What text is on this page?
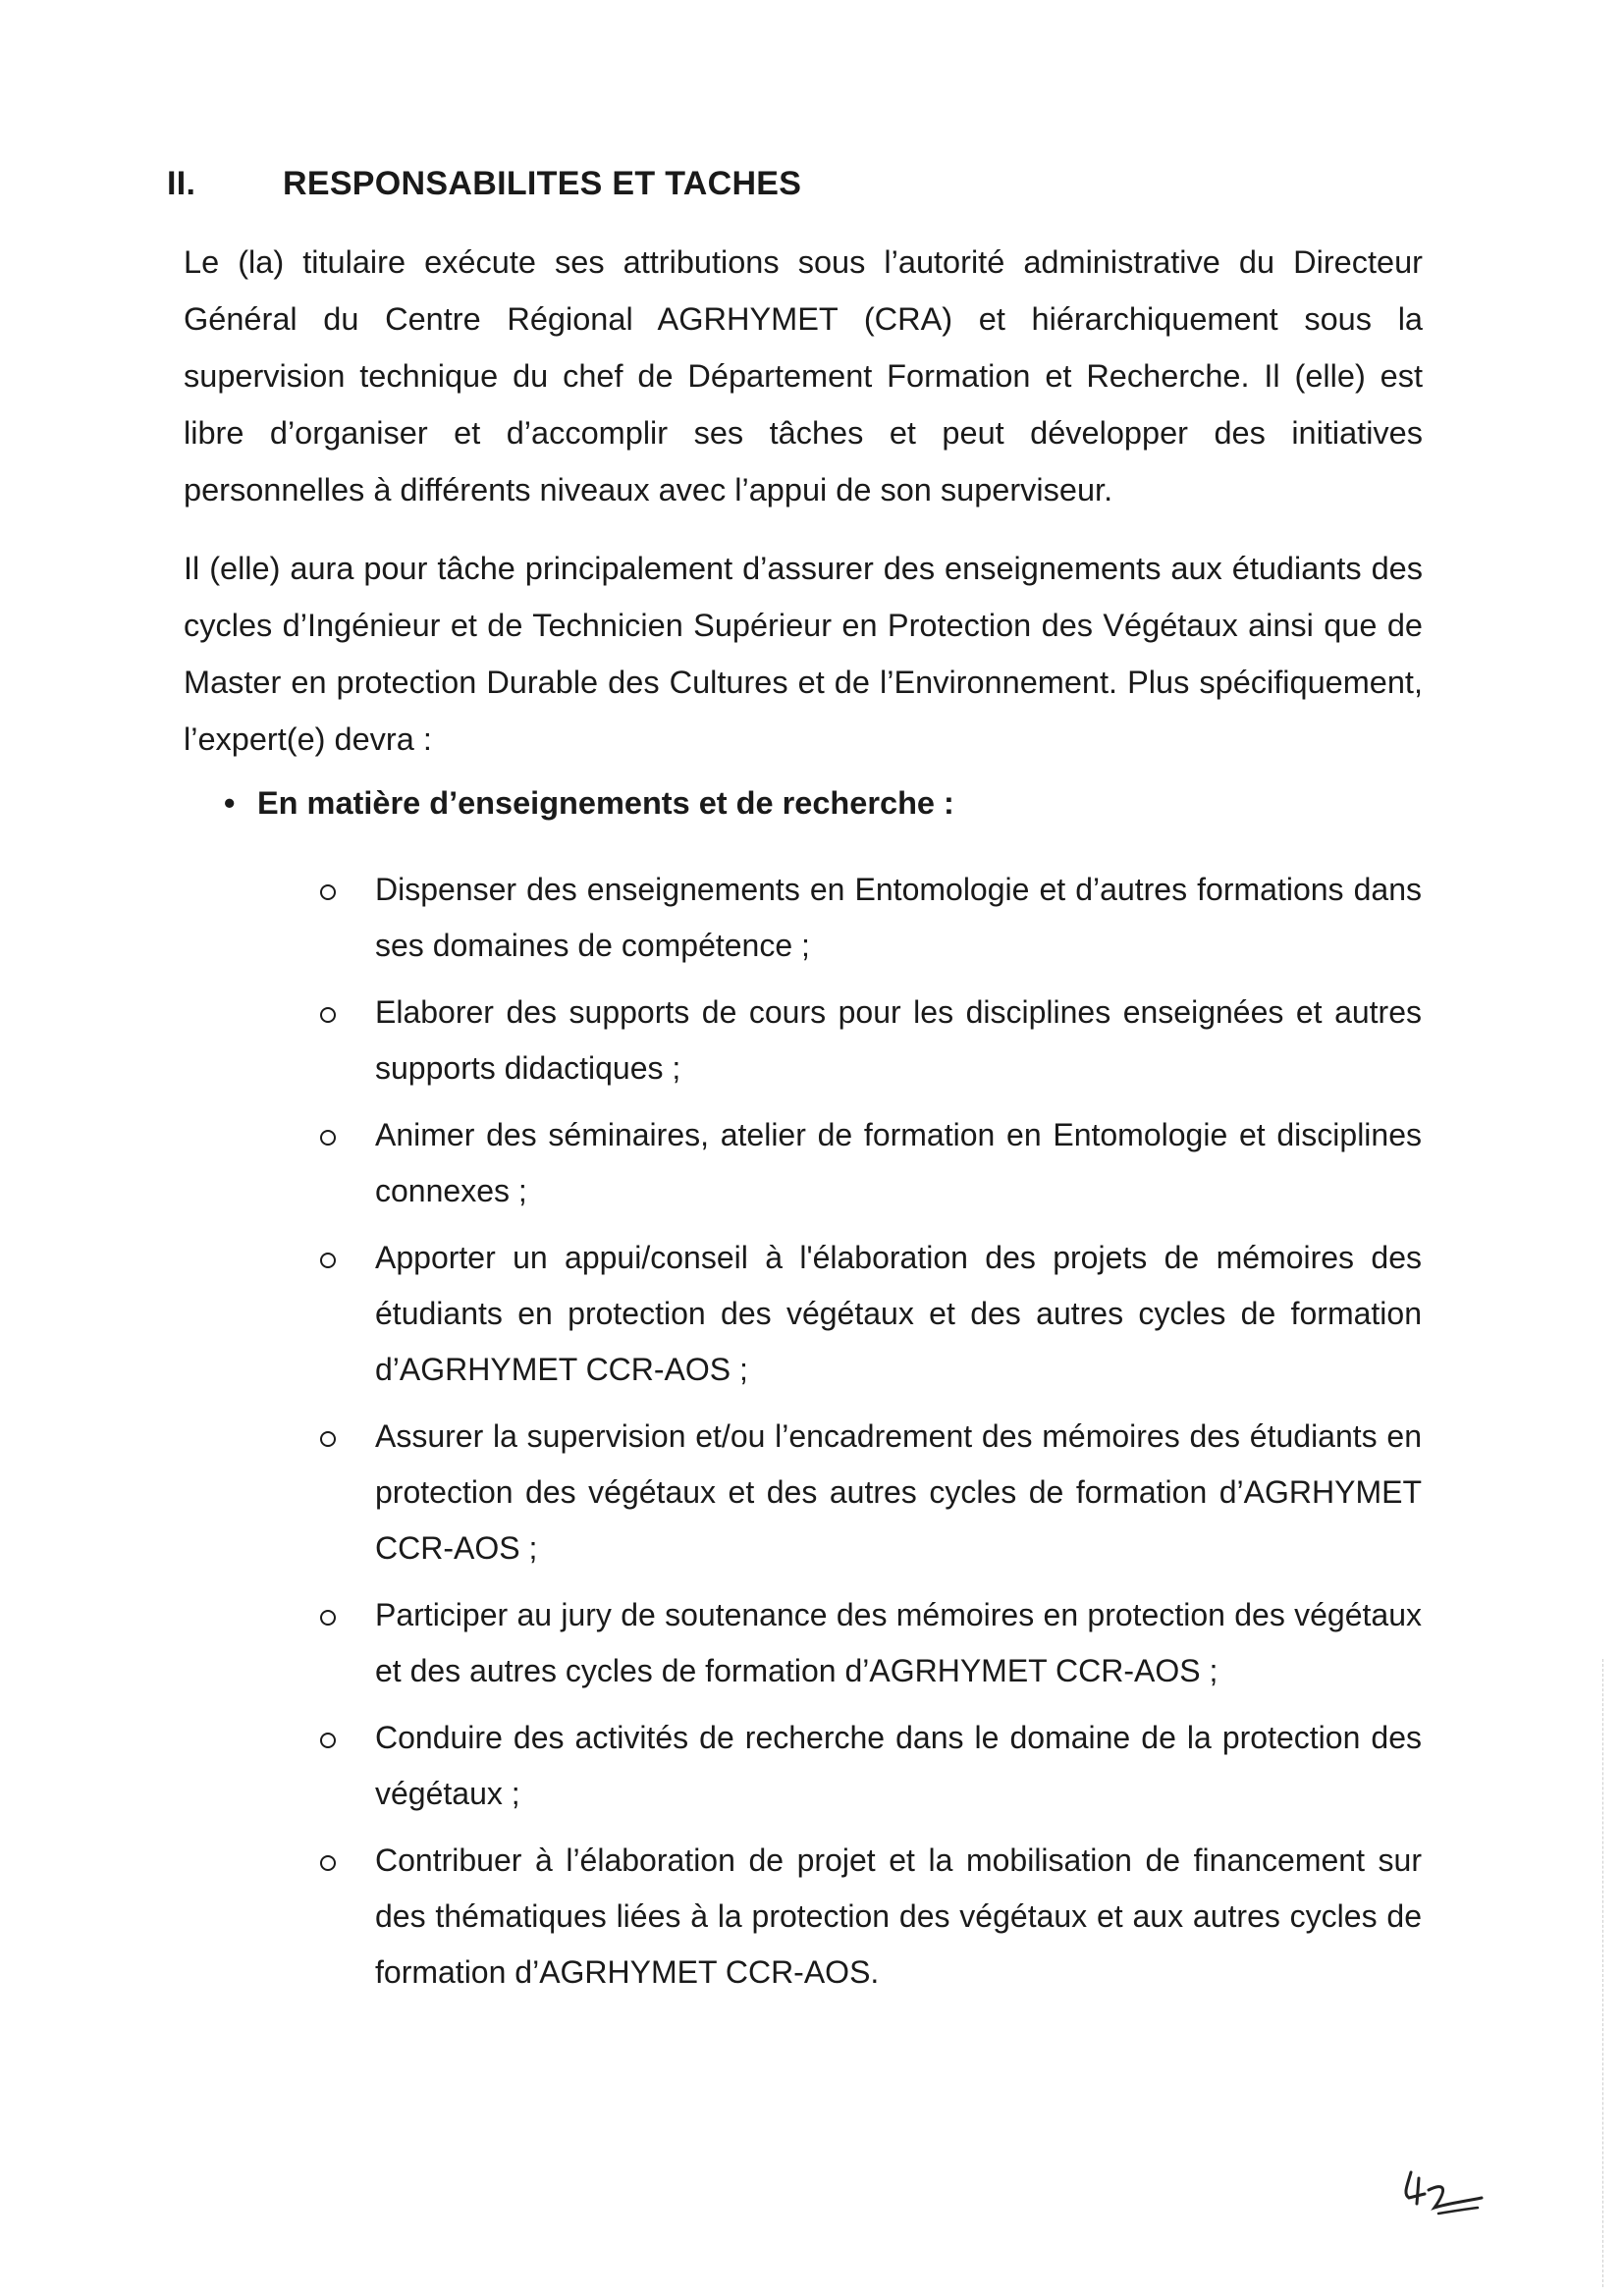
II.	RESPONSABILITES ET TACHES

Le (la) titulaire exécute ses attributions sous l’autorité administrative du Directeur Général du Centre Régional AGRHYMET (CRA) et hiérarchiquement sous la supervision technique du chef de Département Formation et Recherche. Il (elle) est libre d’organiser et d’accomplir ses tâches et peut développer des initiatives personnelles à différents niveaux avec l’appui de son superviseur.

Il (elle) aura pour tâche principalement d’assurer des enseignements aux étudiants des cycles d’Ingénieur et de Technicien Supérieur en Protection des Végétaux ainsi que de Master en protection Durable des Cultures et de l’Environnement. Plus spécifiquement, l’expert(e) devra :

• En matière d’enseignements et de recherche :
Dispenser des enseignements en Entomologie et d’autres formations dans ses domaines de compétence ;
Elaborer des supports de cours pour les disciplines enseignées et autres supports didactiques ;
Animer des séminaires, atelier de formation en Entomologie et disciplines connexes ;
Apporter un appui/conseil à l'élaboration des projets de mémoires des étudiants en protection des végétaux et des autres cycles de formation d’AGRHYMET CCR-AOS ;
Assurer la supervision et/ou l’encadrement des mémoires des étudiants en protection des végétaux et des autres cycles de formation d’AGRHYMET CCR-AOS ;
Participer au jury de soutenance des mémoires en protection des végétaux et des autres cycles de formation d’AGRHYMET CCR-AOS ;
Conduire des activités de recherche dans le domaine de la protection des végétaux ;
Contribuer à l’élaboration de projet et la mobilisation de financement sur des thématiques liées à la protection des végétaux et aux autres cycles de formation d’AGRHYMET CCR-AOS.
